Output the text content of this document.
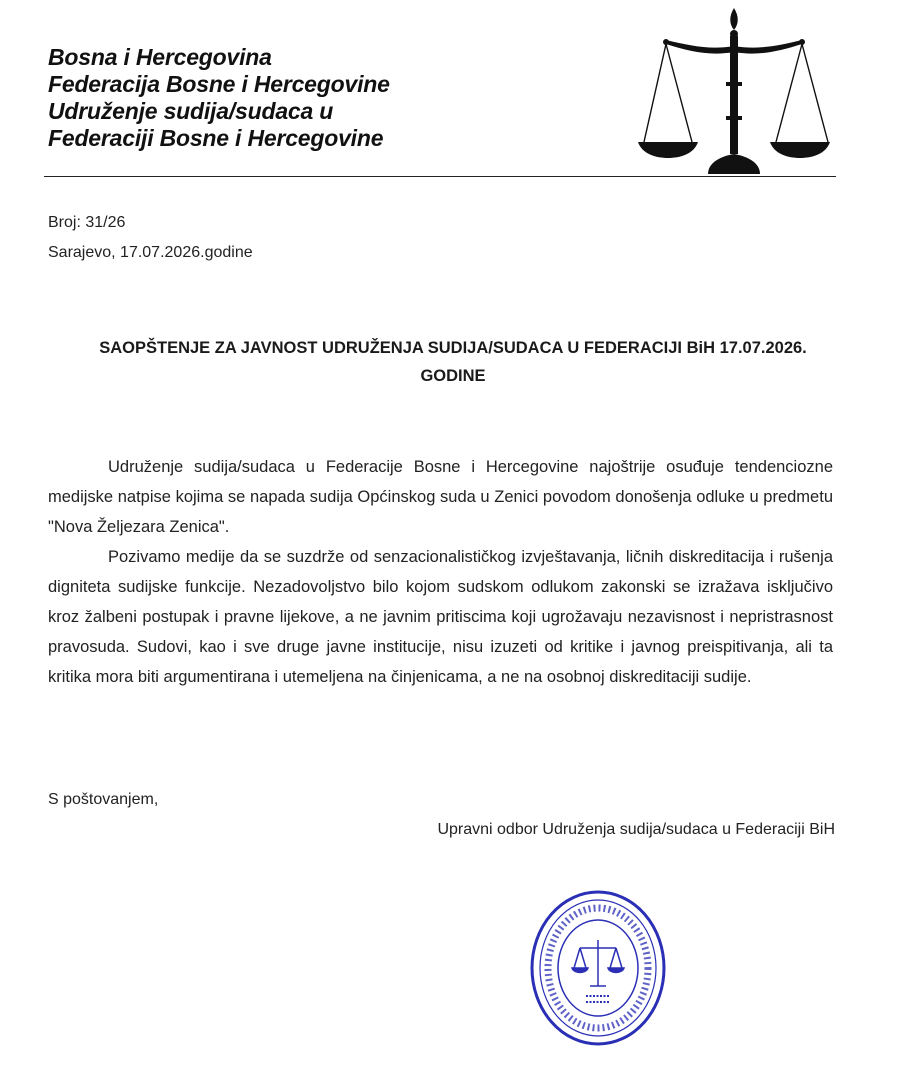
Bosna i Hercegovina
Federacija Bosne i Hercegovine
Udruženje sudija/sudaca u
Federaciji Bosne i Hercegovine
Broj: 31/26
Sarajevo, 17.07.2026.godine
SAOPŠTENJE ZA JAVNOST UDRUŽENJA SUDIJA/SUDACA U FEDERACIJI BiH 17.07.2026.
GODINE

Udruženje sudija/sudaca u Federacije Bosne i Hercegovine najoštrije osuđuje tendenciozne medijske natpise kojima se napada sudija Općinskog suda u Zenici povodom donošenja odluke u predmetu "Nova Željezara Zenica".

Pozivamo medije da se suzdrže od senzacionalističkog izvještavanja, ličnih diskreditacija i rušenja digniteta sudijske funkcije. Nezadovoljstvo bilo kojom sudskom odlukom zakonski se izražava isključivo kroz žalbeni postupak i pravne lijekove, a ne javnim pritiscima koji ugrožavaju nezavisnost i nepristrasnost pravosuda. Sudovi, kao i sve druge javne institucije, nisu izuzeti od kritike i javnog preispitivanja, ali ta kritika mora biti argumentirana i utemeljena na činjenicama, a ne na osobnoj diskreditaciji sudije.

S poštovanjem,
Upravni odbor Udruženja sudija/sudaca u Federaciji BiH
